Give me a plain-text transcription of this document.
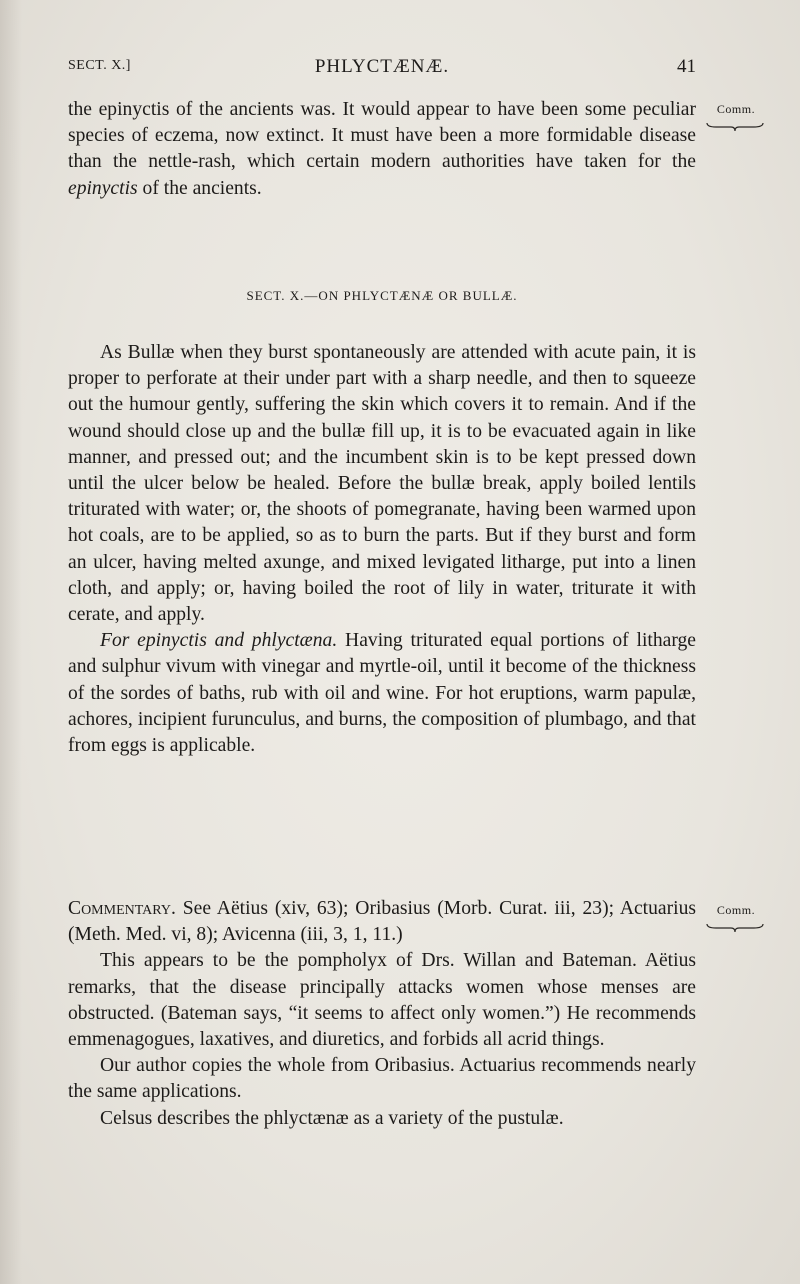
SECT. X.]	PHLYCTÆNÆ.	41

the epinyctis of the ancients was. It would appear to have been some peculiar species of eczema, now extinct. It must have been a more formidable disease than the nettle-rash, which certain modern authorities have taken for the epinyctis of the ancients.

Comm.
SECT. X.—ON PHLYCTÆNÆ OR BULLÆ.

As Bullæ when they burst spontaneously are attended with acute pain, it is proper to perforate at their under part with a sharp needle, and then to squeeze out the humour gently, suffering the skin which covers it to remain. And if the wound should close up and the bullæ fill up, it is to be evacuated again in like manner, and pressed out; and the incumbent skin is to be kept pressed down until the ulcer below be healed. Before the bullæ break, apply boiled lentils triturated with water; or, the shoots of pomegranate, having been warmed upon hot coals, are to be applied, so as to burn the parts. But if they burst and form an ulcer, having melted axunge, and mixed levigated litharge, put into a linen cloth, and apply; or, having boiled the root of lily in water, triturate it with cerate, and apply.

For epinyctis and phlyctæna. Having triturated equal portions of litharge and sulphur vivum with vinegar and myrtle-oil, until it become of the thickness of the sordes of baths, rub with oil and wine. For hot eruptions, warm papulæ, achores, incipient furunculus, and burns, the composition of plumbago, and that from eggs is applicable.

Commentary. See Aëtius (xiv, 63); Oribasius (Morb. Curat. iii, 23); Actuarius (Meth. Med. vi, 8); Avicenna (iii, 3, 1, 11.)

This appears to be the pompholyx of Drs. Willan and Bateman. Aëtius remarks, that the disease principally attacks women whose menses are obstructed. (Bateman says, “it seems to affect only women.”) He recommends emmenagogues, laxatives, and diuretics, and forbids all acrid things.

Our author copies the whole from Oribasius. Actuarius recommends nearly the same applications.

Celsus describes the phlyctænæ as a variety of the pustulæ.

Comm.
